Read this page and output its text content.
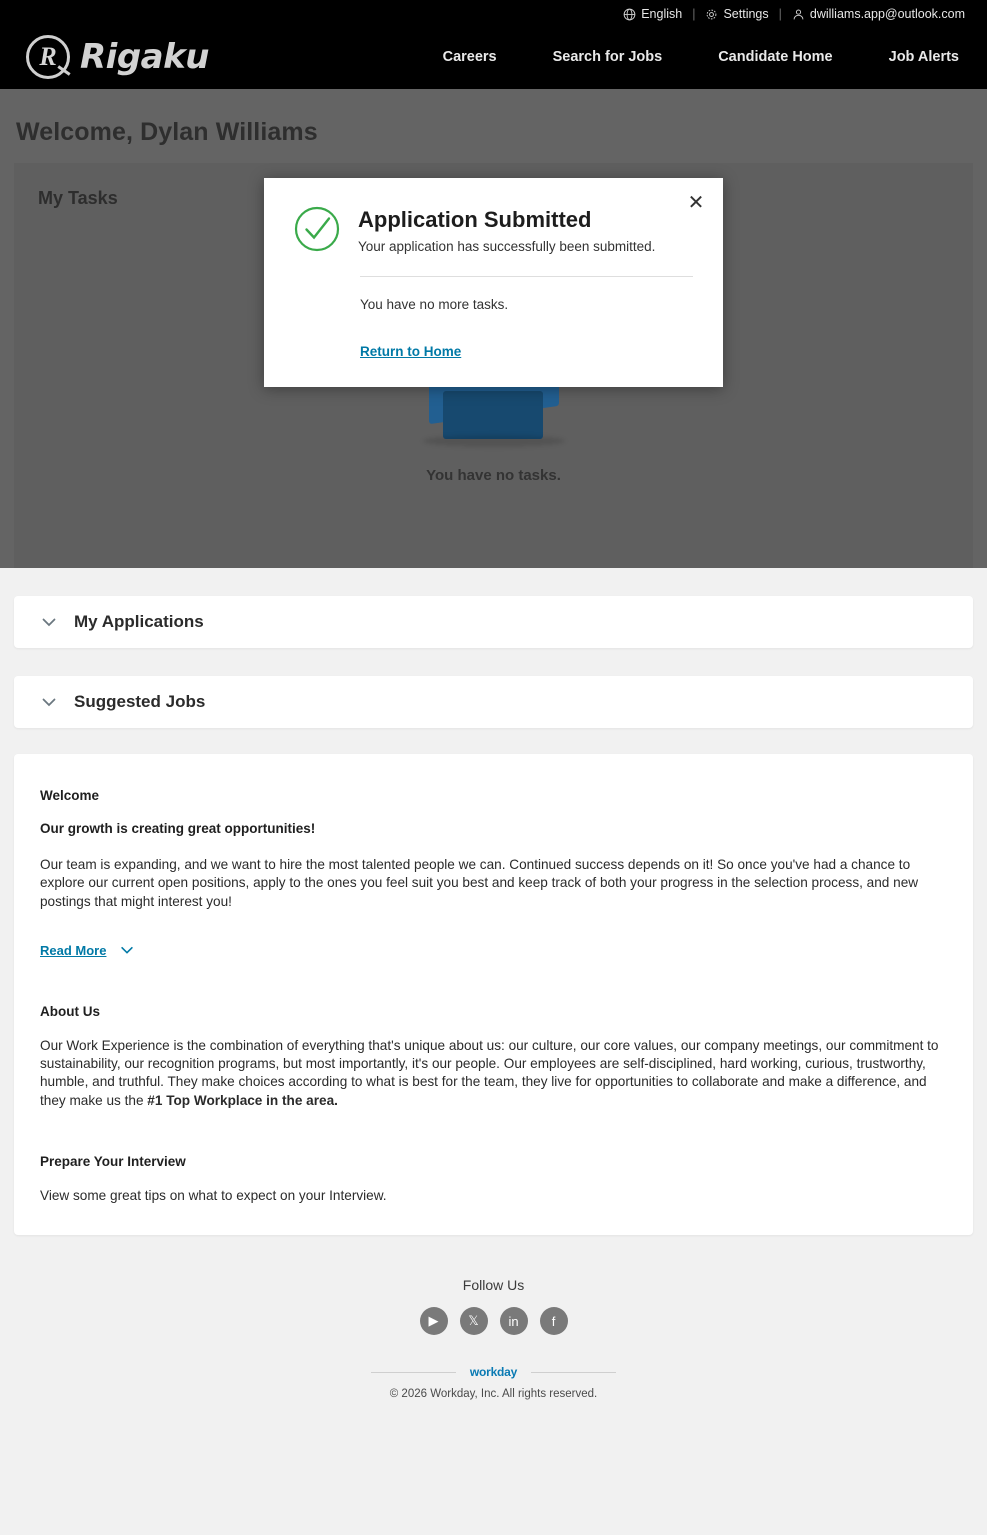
English | Settings | dwilliams.app@outlook.com
R Rigaku	Careers	Search for Jobs	Candidate Home	Job Alerts
Welcome, Dylan Williams
My Tasks
You have no tasks.
✕
Application Submitted
Your application has successfully been submitted.
You have no more tasks.
Return to Home
My Applications
Suggested Jobs
Welcome
Our growth is creating great opportunities!

Our team is expanding, and we want to hire the most talented people we can. Continued success depends on it! So once you've had a chance to explore our current open positions, apply to the ones you feel suit you best and keep track of both your progress in the selection process, and new postings that might interest you!

Read More
About Us

Our Work Experience is the combination of everything that's unique about us: our culture, our core values, our company meetings, our commitment to sustainability, our recognition programs, but most importantly, it's our people. Our employees are self-disciplined, hard working, curious, trustworthy, humble, and truthful. They make choices according to what is best for the team, they live for opportunities to collaborate and make a difference, and they make us the #1 Top Workplace in the area.

Prepare Your Interview

View some great tips on what to expect on your Interview.

Follow Us
▶	𝕏	in	f
workday
© 2026 Workday, Inc. All rights reserved.
